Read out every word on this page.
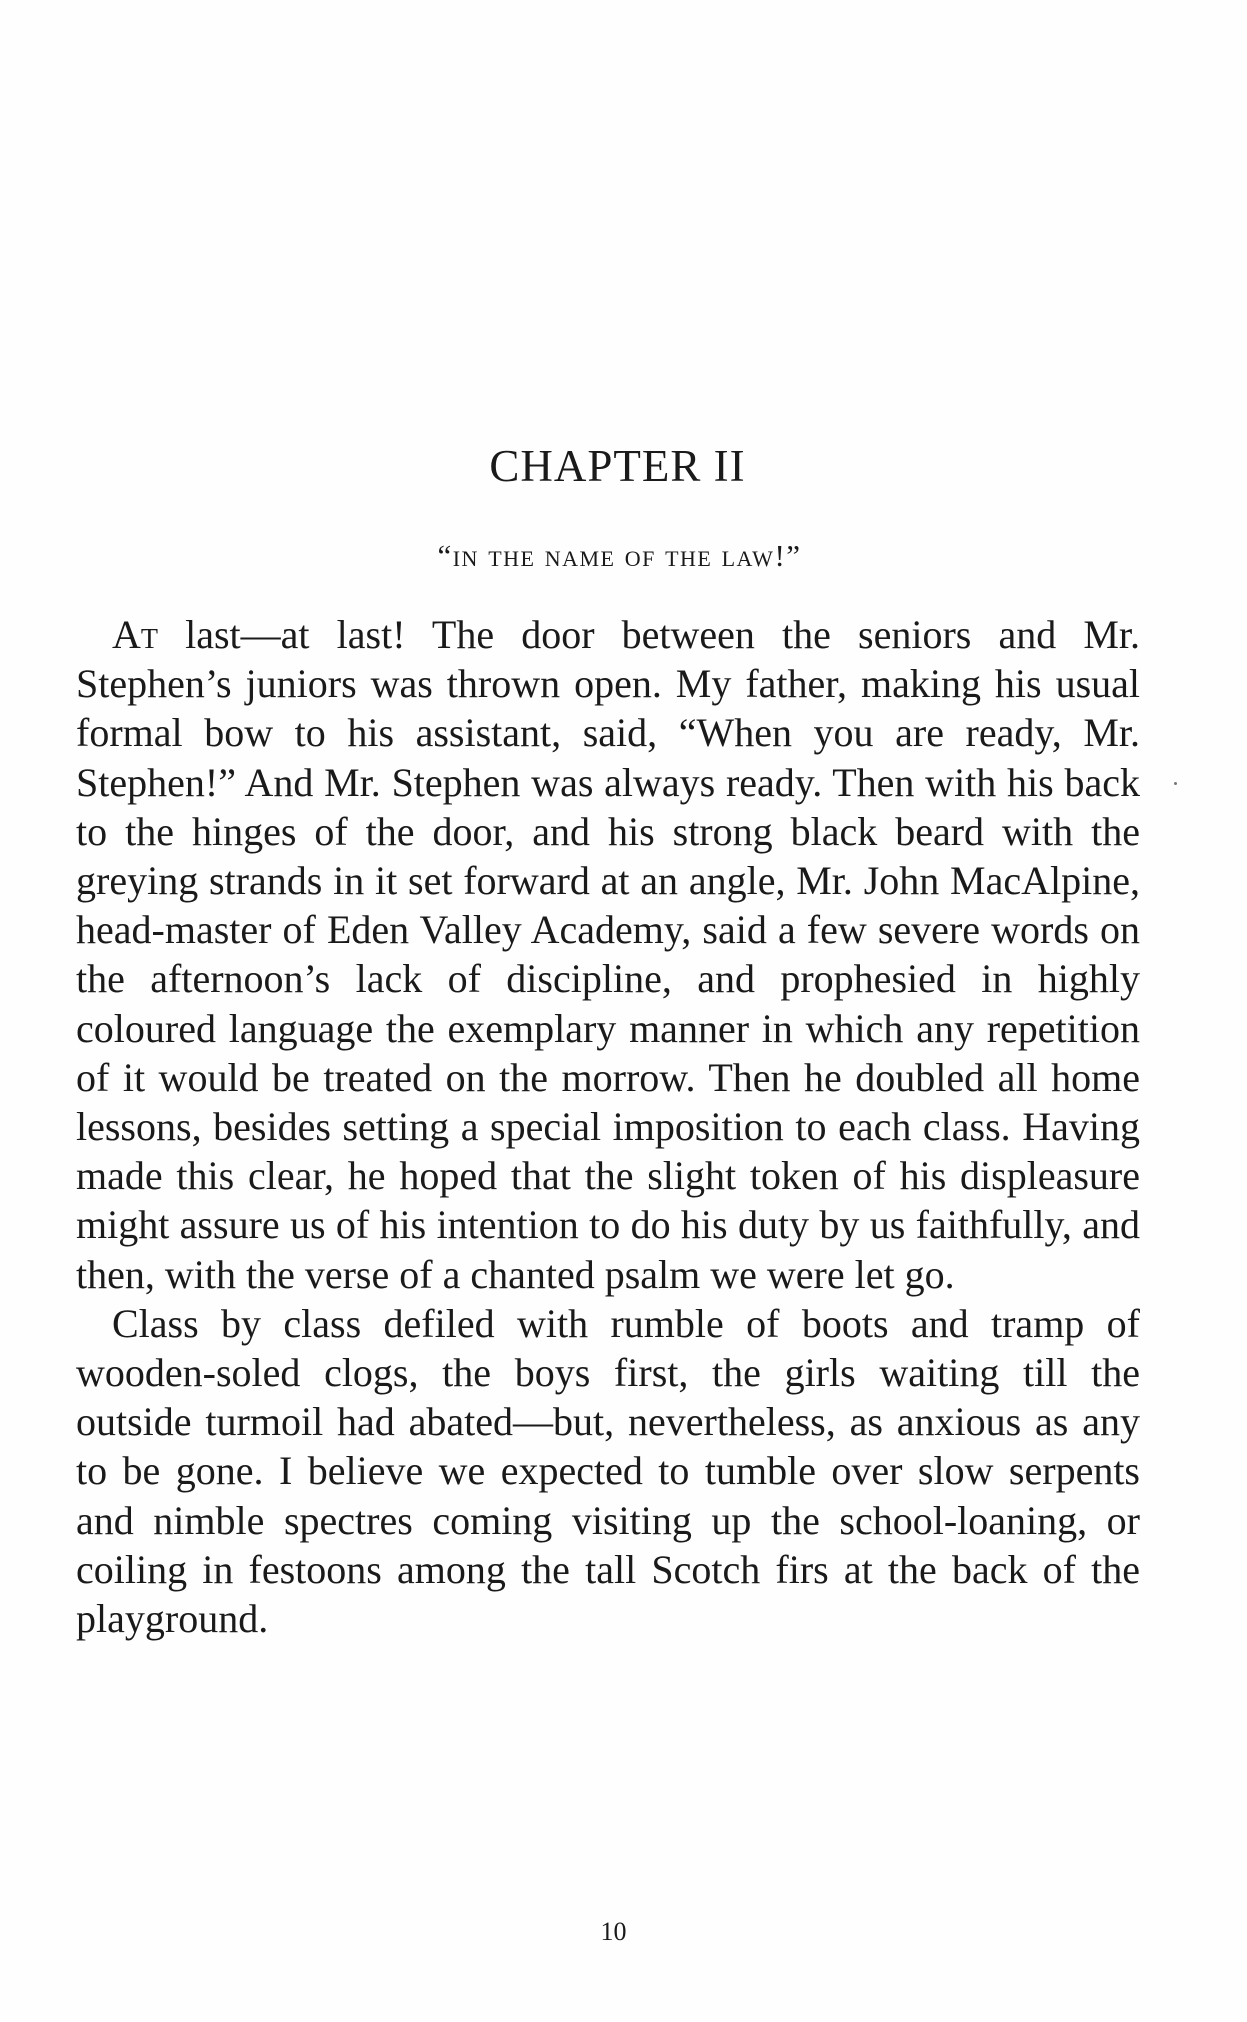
CHAPTER II
“in the name of the law!”

At last—at last! The door between the seniors and Mr. Stephen’s juniors was thrown open. My father, making his usual formal bow to his assistant, said, “When you are ready, Mr. Stephen!” And Mr. Stephen was always ready. Then with his back to the hinges of the door, and his strong black beard with the greying strands in it set forward at an angle, Mr. John MacAlpine, head-master of Eden Valley Academy, said a few severe words on the afternoon’s lack of discipline, and prophesied in highly coloured language the exemplary manner in which any repetition of it would be treated on the morrow. Then he doubled all home lessons, besides setting a special imposition to each class. Having made this clear, he hoped that the slight token of his displeasure might assure us of his intention to do his duty by us faithfully, and then, with the verse of a chanted psalm we were let go.

Class by class defiled with rumble of boots and tramp of wooden-soled clogs, the boys first, the girls waiting till the outside turmoil had abated—but, nevertheless, as anxious as any to be gone. I believe we expected to tumble over slow serpents and nimble spectres coming visiting up the school-loaning, or coiling in festoons among the tall Scotch firs at the back of the playground.

10
